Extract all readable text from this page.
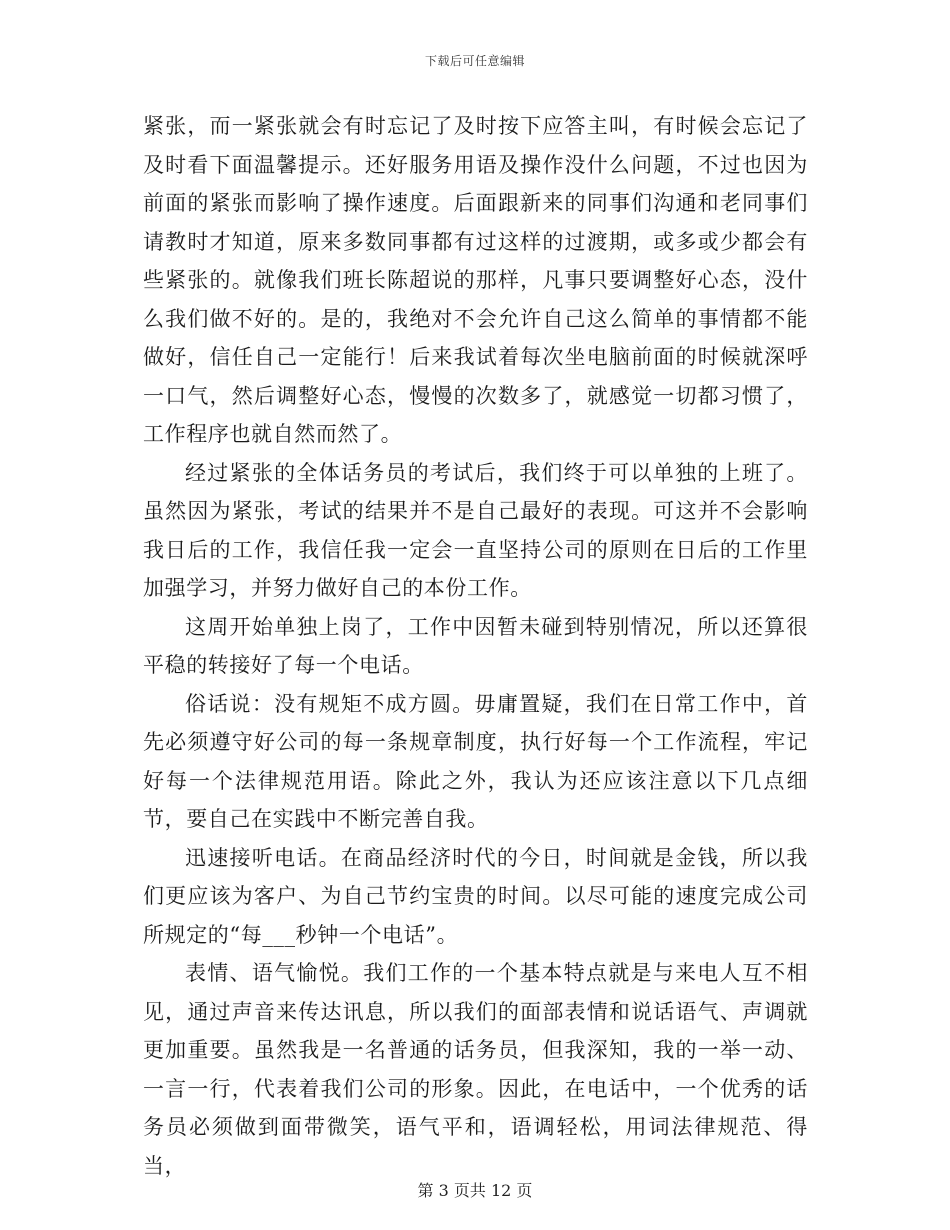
下载后可任意编辑

紧张，而一紧张就会有时忘记了及时按下应答主叫，有时候会忘记了及时看下面温馨提示。还好服务用语及操作没什么问题，不过也因为前面的紧张而影响了操作速度。后面跟新来的同事们沟通和老同事们请教时才知道，原来多数同事都有过这样的过渡期，或多或少都会有些紧张的。就像我们班长陈超说的那样，凡事只要调整好心态，没什么我们做不好的。是的，我绝对不会允许自己这么简单的事情都不能做好，信任自己一定能行！后来我试着每次坐电脑前面的时候就深呼一口气，然后调整好心态，慢慢的次数多了，就感觉一切都习惯了，工作程序也就自然而然了。

经过紧张的全体话务员的考试后，我们终于可以单独的上班了。虽然因为紧张，考试的结果并不是自己最好的表现。可这并不会影响我日后的工作，我信任我一定会一直坚持公司的原则在日后的工作里加强学习，并努力做好自己的本份工作。

这周开始单独上岗了，工作中因暂未碰到特别情况，所以还算很平稳的转接好了每一个电话。

俗话说：没有规矩不成方圆。毋庸置疑，我们在日常工作中，首先必须遵守好公司的每一条规章制度，执行好每一个工作流程，牢记好每一个法律规范用语。除此之外，我认为还应该注意以下几点细节，要自己在实践中不断完善自我。

迅速接听电话。在商品经济时代的今日，时间就是金钱，所以我们更应该为客户、为自己节约宝贵的时间。以尽可能的速度完成公司所规定的“每___秒钟一个电话”。

表情、语气愉悦。我们工作的一个基本特点就是与来电人互不相见，通过声音来传达讯息，所以我们的面部表情和说话语气、声调就更加重要。虽然我是一名普通的话务员，但我深知，我的一举一动、一言一行，代表着我们公司的形象。因此，在电话中，一个优秀的话务员必须做到面带微笑，语气平和，语调轻松，用词法律规范、得当，

第 3 页共 12 页
